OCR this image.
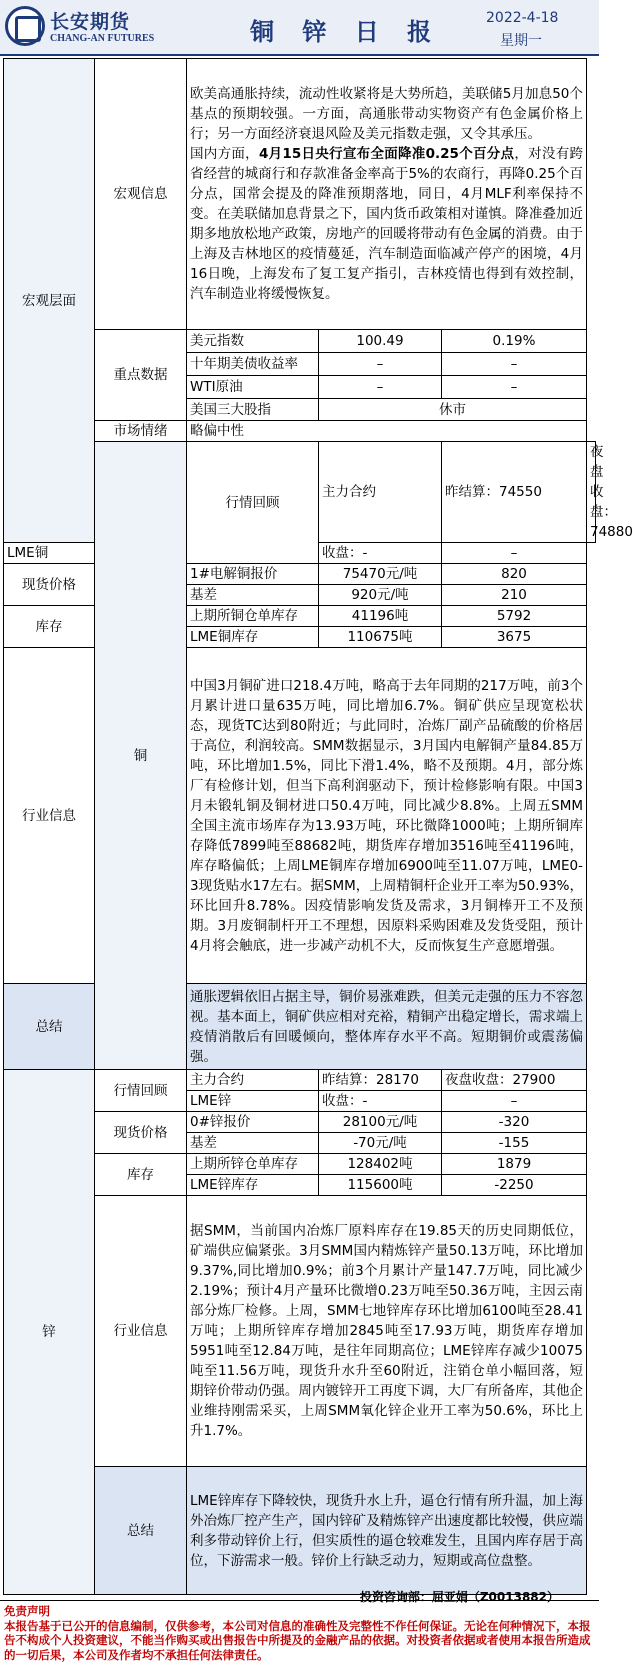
长安期货
CHANG-AN FUTURES	铜 锌 日 报	2022-4-18
星期一
宏观层面	宏观信息	欧美高通胀持续，流动性收紧将是大势所趋，美联储5月加息50个基点的预期较强。一方面，高通胀带动实物资产有色金属价格上行；另一方面经济衰退风险及美元指数走强，又令其承压。
国内方面，4月15日央行宣布全面降准0.25个百分点，对没有跨省经营的城商行和存款准备金率高于5%的农商行，再降0.25个百分点，国常会提及的降准预期落地，同日，4月MLF利率保持不变。在美联储加息背景之下，国内货币政策相对谨慎。降准叠加近期多地放松地产政策，房地产的回暖将带动有色金属的消费。由于上海及吉林地区的疫情蔓延，汽车制造面临减产停产的困境，4月16日晚，上海发布了复工复产指引，吉林疫情也得到有效控制，汽车制造业将缓慢恢复。			

	重点数据	美元指数	100.49	0.19%	
		十年期美债收益率	–	–	
		WTI原油	–	–	
		美国三大股指	休市		
	市场情绪	略偏中性			
	铜	行情回顾	主力合约	昨结算：74550	夜盘收盘：74880
LME铜			收盘：-	–	
现货价格		1#电解铜报价	75470元/吨	820	
		基差	920元/吨	210	
库存		上期所铜仓单库存	41196吨	5792	
		LME铜库存	110675吨	3675	
行业信息		中国3月铜矿进口218.4万吨，略高于去年同期的217万吨，前3个月累计进口量635万吨，同比增加6.7%。铜矿供应呈现宽松状态，现货TC达到80附近；与此同时，冶炼厂副产品硫酸的价格居于高位，利润较高。SMM数据显示，3月国内电解铜产量84.85万吨，环比增加1.5%，同比下滑1.4%，略不及预期。4月，部分炼厂有检修计划，但当下高利润驱动下，预计检修影响有限。中国3月未锻轧铜及铜材进口50.4万吨，同比减少8.8%。上周五SMM全国主流市场库存为13.93万吨，环比微降1000吨；上期所铜库存降低7899吨至88682吨，期货库存增加3516吨至41196吨，库存略偏低；上周LME铜库存增加6900吨至11.07万吨，LME0-3现货贴水17左右。据SMM，上周精铜杆企业开工率为50.93%，环比回升8.78%。因疫情影响发货及需求，3月铜棒开工不及预期。3月废铜制杆开工不理想，因原料采购困难及发货受阻，预计4月将会触底，进一步减产动机不大，反而恢复生产意愿增强。			
总结		通胀逻辑依旧占据主导，铜价易涨难跌，但美元走强的压力不容忽视。基本面上，铜矿供应相对充裕，精铜产出稳定增长，需求端上疫情消散后有回暖倾向，整体库存水平不高。短期铜价或震荡偏强。			
锌	行情回顾	主力合约	昨结算：28170	夜盘收盘：27900	
		LME锌	收盘：-	–	
	现货价格	0#锌报价	28100元/吨	-320	
		基差	-70元/吨	-155	
	库存	上期所锌仓单库存	128402吨	1879	
		LME锌库存	115600吨	-2250	
	行业信息	据SMM，当前国内冶炼厂原料库存在19.85天的历史同期低位，矿端供应偏紧张。3月SMM国内精炼锌产量50.13万吨，环比增加9.37%,同比增加0.9%；前3个月累计产量147.7万吨，同比减少2.19%；预计4月产量环比微增0.23万吨至50.36万吨，主因云南部分炼厂检修。上周，SMM七地锌库存环比增加6100吨至28.41万吨；上期所锌库存增加2845吨至17.93万吨，期货库存增加5951吨至12.84万吨，是往年同期高位；LME锌库存减少10075吨至11.56万吨，现货升水升至60附近，注销仓单小幅回落，短期锌价带动仍强。周内镀锌开工再度下调，大厂有所备库，其他企业维持刚需采买，上周SMM氧化锌企业开工率为50.6%，环比上升1.7%。			
	总结	LME锌库存下降较快，现货升水上升，逼仓行情有所升温，加上海外冶炼厂控产生产，国内锌矿及精炼锌产出速度都比较慢，供应端利多带动锌价上行，但实质性的逼仓较难发生，且国内库存居于高位，下游需求一般。锌价上行缺乏动力，短期或高位盘整。			
投资咨询部：屈亚娟（Z0013882）
免责声明
本报告基于已公开的信息编制，仅供参考，本公司对信息的准确性及完整性不作任何保证。无论在何种情况下，本报告不构成个人投资建议，不能当作购买或出售报告中所提及的金融产品的依据。对投资者依据或者使用本报告所造成的一切后果，本公司及作者均不承担任何法律责任。
